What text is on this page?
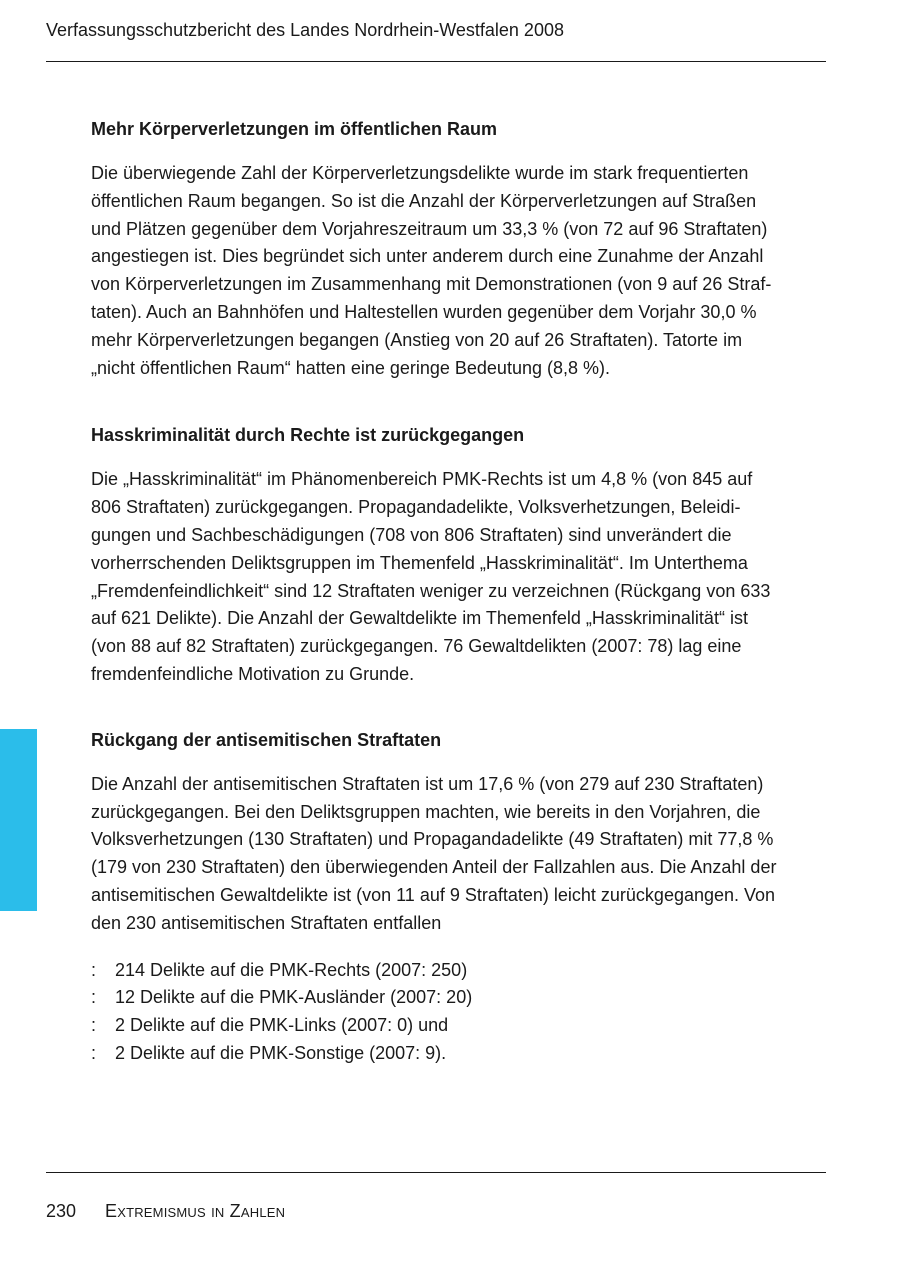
Verfassungsschutzbericht des Landes Nordrhein-Westfalen 2008
Mehr Körperverletzungen im öffentlichen Raum

Die überwiegende Zahl der Körperverletzungsdelikte wurde im stark frequentierten
öffentlichen Raum begangen. So ist die Anzahl der Körperverletzungen auf Straßen
und Plätzen gegenüber dem Vorjahreszeitraum um 33,3 % (von 72 auf 96 Straftaten)
angestiegen ist. Dies begründet sich unter anderem durch eine Zunahme der Anzahl
von Körperverletzungen im Zusammenhang mit Demonstrationen (von 9 auf 26 Straf-
taten). Auch an Bahnhöfen und Haltestellen wurden gegenüber dem Vorjahr 30,0 %
mehr Körperverletzungen begangen (Anstieg von 20 auf 26 Straftaten). Tatorte im
„nicht öffentlichen Raum“ hatten eine geringe Bedeutung (8,8 %).

Hasskriminalität durch Rechte ist zurückgegangen

Die „Hasskriminalität“ im Phänomenbereich PMK-Rechts ist um 4,8 % (von 845 auf
806 Straftaten) zurückgegangen. Propagandadelikte, Volksverhetzungen, Beleidi-
gungen und Sachbeschädigungen (708 von 806 Straftaten) sind unverändert die
vorherrschenden Deliktsgruppen im Themenfeld „Hasskriminalität“. Im Unterthema
„Fremdenfeindlichkeit“ sind 12 Straftaten weniger zu verzeichnen (Rückgang von 633
auf 621 Delikte). Die Anzahl der Gewaltdelikte im Themenfeld „Hasskriminalität“ ist
(von 88 auf 82 Straftaten) zurückgegangen. 76 Gewaltdelikten (2007: 78) lag eine
fremdenfeindliche Motivation zu Grunde.

Rückgang der antisemitischen Straftaten

Die Anzahl der antisemitischen Straftaten ist um 17,6 % (von 279 auf 230 Straftaten)
zurückgegangen. Bei den Deliktsgruppen machten, wie bereits in den Vorjahren, die
Volksverhetzungen (130 Straftaten) und Propagandadelikte (49 Straftaten) mit 77,8 %
(179 von 230 Straftaten) den überwiegenden Anteil der Fallzahlen aus. Die Anzahl der
antisemitischen Gewaltdelikte ist (von 11 auf 9 Straftaten) leicht zurückgegangen. Von
den 230 antisemitischen Straftaten entfallen

: 214 Delikte auf die PMK-Rechts (2007: 250)
: 12 Delikte auf die PMK-Ausländer (2007: 20)
: 2 Delikte auf die PMK-Links (2007: 0) und
: 2 Delikte auf die PMK-Sonstige (2007: 9).
230 Extremismus in Zahlen
